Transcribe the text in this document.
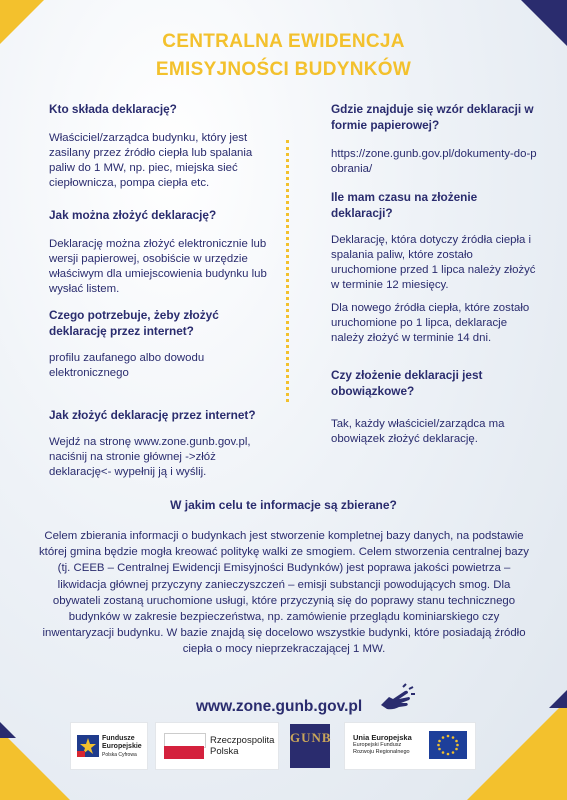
CENTRALNA EWIDENCJA
EMISYJNOŚCI BUDYNKÓW
Kto składa deklarację?
Właściciel/zarządca budynku, który jest zasilany przez źródło ciepła lub spalania paliw do 1 MW, np. piec, miejska sieć ciepłownicza, pompa ciepła etc.
Jak można złożyć deklarację?
Deklarację można złożyć elektronicznie lub wersji papierowej, osobiście w urzędzie właściwym dla umiejscowienia budynku lub wysłać listem.
Czego potrzebuje, żeby złożyć deklarację przez internet?
profilu zaufanego albo dowodu elektronicznego
Jak złożyć deklarację przez internet?
Wejdź na stronę www.zone.gunb.gov.pl, naciśnij na stronie głównej ->złóż deklarację<- wypełnij ją i wyślij.
Gdzie znajduje się wzór deklaracji w formie papierowej?
https://zone.gunb.gov.pl/dokumenty-do-pobrania/
Ile mam czasu na złożenie deklaracji?
Deklarację, która dotyczy źródła ciepła i spalania paliw, które zostało uruchomione przed 1 lipca należy złożyć w terminie 12 miesięcy.
Dla nowego źródła ciepła, które zostało uruchomione po 1 lipca, deklaracje należy złożyć w terminie 14 dni.
Czy złożenie deklaracji jest obowiązkowe?
Tak, każdy właściciel/zarządca ma obowiązek złożyć deklarację.
W jakim celu te informacje są zbierane?
Celem zbierania informacji o budynkach jest stworzenie kompletnej bazy danych, na podstawie której gmina będzie mogła kreować politykę walki ze smogiem. Celem stworzenia centralnej bazy (tj. CEEB – Centralnej Ewidencji Emisyjności Budynków) jest poprawa jakości powietrza – likwidacja głównej przyczyny zanieczyszczeń – emisji substancji powodujących smog. Dla obywateli zostaną uruchomione usługi, które przyczynią się do poprawy stanu technicznego budynków w zakresie bezpieczeństwa, np. zamówienie przeglądu kominiarskiego czy inwentaryzacji budynku. W bazie znajdą się docelowo wszystkie budynki, które posiadają źródło ciepła o mocy nieprzekraczającej 1 MW.
www.zone.gunb.gov.pl
Fundusze
Europejskie
Polska Cyfrowa
Rzeczpospolita
Polska
GUNB	Unia Europejska
Europejski Fundusz
Rozwoju Regionalnego
